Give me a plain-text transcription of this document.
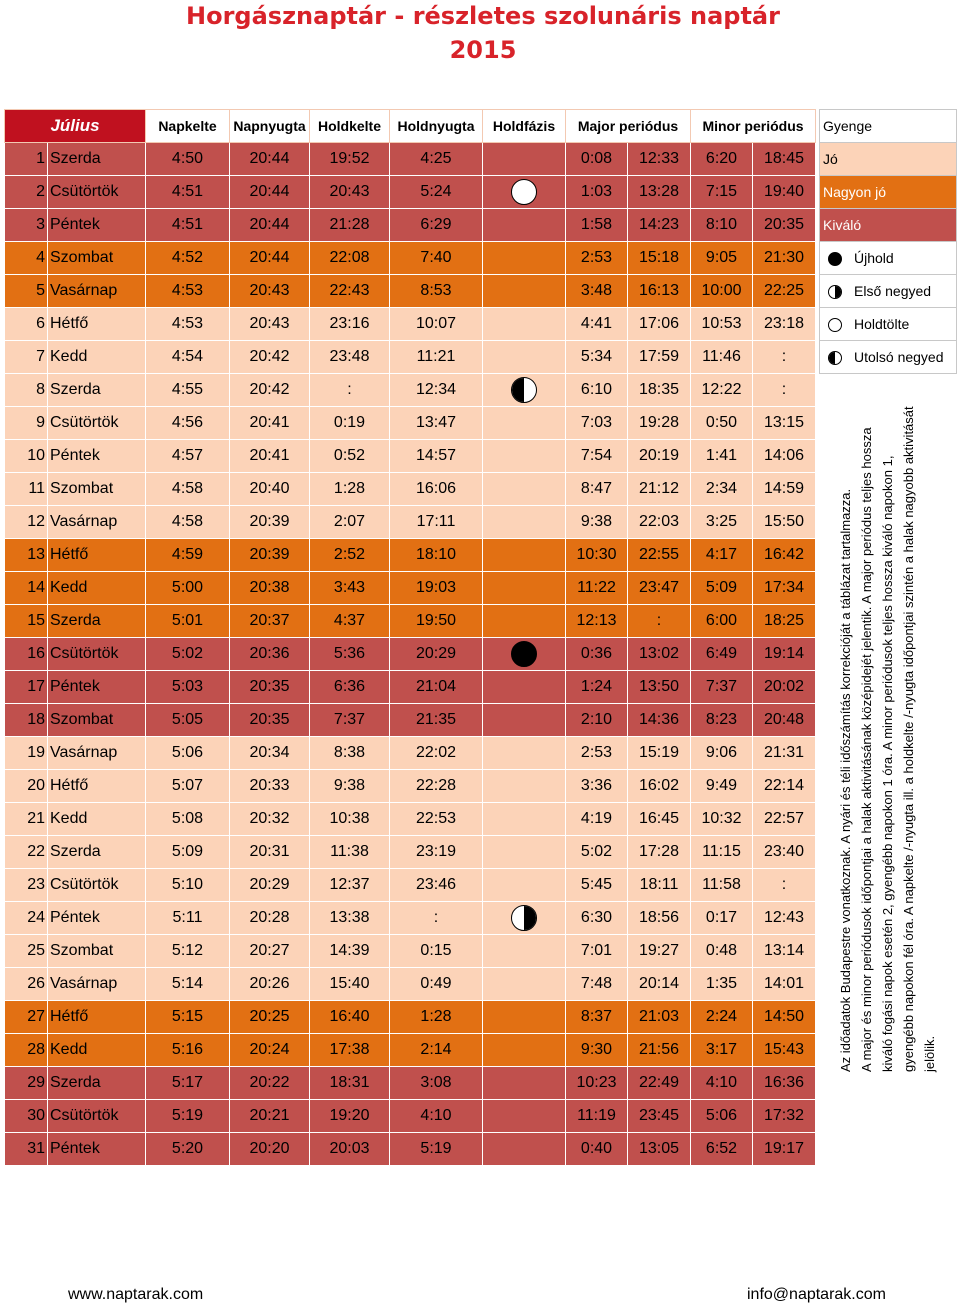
Horgásznaptár - részletes szolunáris naptár
2015
Július		Napkelte	Napnyugta	Holdkelte	Holdnyugta	Holdfázis	Major periódus		Minor periódus	
1	Szerda	4:50	20:44	19:52	4:25		0:08	12:33	6:20	18:45
2	Csütörtök	4:51	20:44	20:43	5:24		1:03	13:28	7:15	19:40
3	Péntek	4:51	20:44	21:28	6:29		1:58	14:23	8:10	20:35
4	Szombat	4:52	20:44	22:08	7:40		2:53	15:18	9:05	21:30
5	Vasárnap	4:53	20:43	22:43	8:53		3:48	16:13	10:00	22:25
6	Hétfő	4:53	20:43	23:16	10:07		4:41	17:06	10:53	23:18
7	Kedd	4:54	20:42	23:48	11:21		5:34	17:59	11:46	:
8	Szerda	4:55	20:42	:	12:34		6:10	18:35	12:22	:
9	Csütörtök	4:56	20:41	0:19	13:47		7:03	19:28	0:50	13:15
10	Péntek	4:57	20:41	0:52	14:57		7:54	20:19	1:41	14:06
11	Szombat	4:58	20:40	1:28	16:06		8:47	21:12	2:34	14:59
12	Vasárnap	4:58	20:39	2:07	17:11		9:38	22:03	3:25	15:50
13	Hétfő	4:59	20:39	2:52	18:10		10:30	22:55	4:17	16:42
14	Kedd	5:00	20:38	3:43	19:03		11:22	23:47	5:09	17:34
15	Szerda	5:01	20:37	4:37	19:50		12:13	:	6:00	18:25
16	Csütörtök	5:02	20:36	5:36	20:29		0:36	13:02	6:49	19:14
17	Péntek	5:03	20:35	6:36	21:04		1:24	13:50	7:37	20:02
18	Szombat	5:05	20:35	7:37	21:35		2:10	14:36	8:23	20:48
19	Vasárnap	5:06	20:34	8:38	22:02		2:53	15:19	9:06	21:31
20	Hétfő	5:07	20:33	9:38	22:28		3:36	16:02	9:49	22:14
21	Kedd	5:08	20:32	10:38	22:53		4:19	16:45	10:32	22:57
22	Szerda	5:09	20:31	11:38	23:19		5:02	17:28	11:15	23:40
23	Csütörtök	5:10	20:29	12:37	23:46		5:45	18:11	11:58	:
24	Péntek	5:11	20:28	13:38	:		6:30	18:56	0:17	12:43
25	Szombat	5:12	20:27	14:39	0:15		7:01	19:27	0:48	13:14
26	Vasárnap	5:14	20:26	15:40	0:49		7:48	20:14	1:35	14:01
27	Hétfő	5:15	20:25	16:40	1:28		8:37	21:03	2:24	14:50
28	Kedd	5:16	20:24	17:38	2:14		9:30	21:56	3:17	15:43
29	Szerda	5:17	20:22	18:31	3:08		10:23	22:49	4:10	16:36
30	Csütörtök	5:19	20:21	19:20	4:10		11:19	23:45	5:06	17:32
31	Péntek	5:20	20:20	20:03	5:19		0:40	13:05	6:52	19:17
Gyenge
Jó
Nagyon jó
Kiváló
Újhold

Első negyed
Holdtölte

Utolsó negyed

Az időadatok Budapestre vonatkoznak. A nyári és téli időszámítás korrekcióját a táblázat tartalmazza. A major és minor periódusok időpontjai a halak aktivitásának középidejét jelentik. A major periódus teljes hossza kiváló fogási napok esetén 2, gyengébb napokon 1 óra. A minor periódusok teljes hossza kiváló napokon 1, gyengébb napokon fél óra. A napkelte /-nyugta ill. a holdkelte /-nyugta időpontjai szintén a halak nagyobb aktivitását jelölik.

www.naptarak.com	info@naptarak.com
